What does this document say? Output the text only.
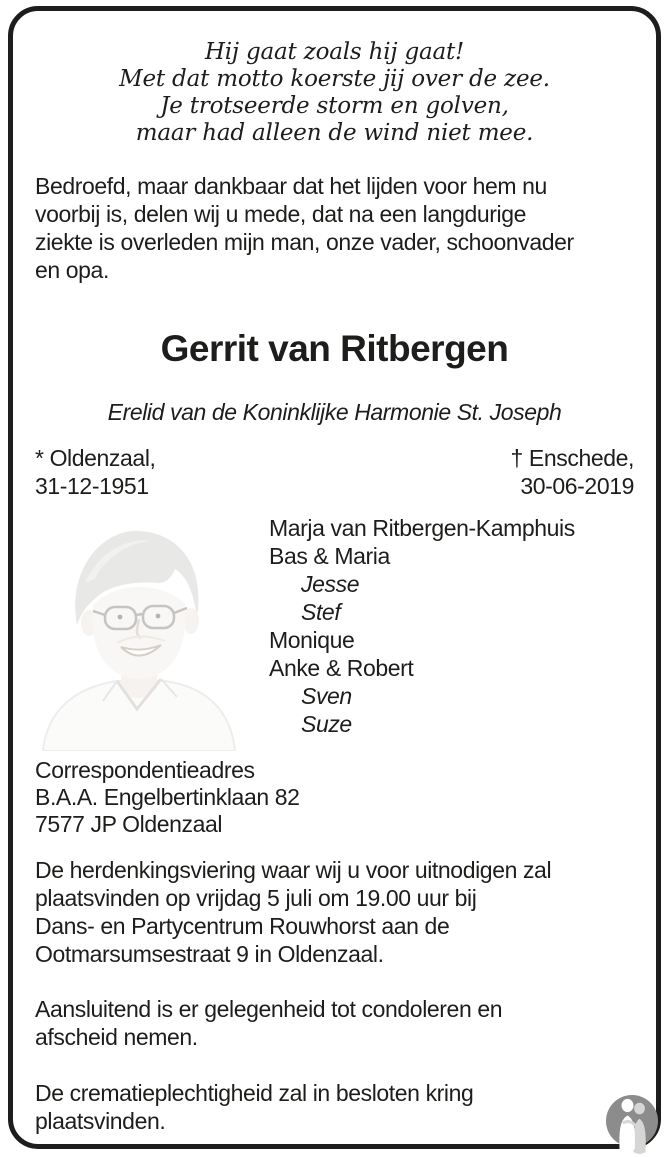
Hij gaat zoals hij gaat!
Met dat motto koerste jij over de zee.
Je trotseerde storm en golven,
maar had alleen de wind niet mee.
Bedroefd, maar dankbaar dat het lijden voor hem nu
voorbij is, delen wij u mede, dat na een langdurige
ziekte is overleden mijn man, onze vader, schoonvader
en opa.
Gerrit van Ritbergen
Erelid van de Koninklijke Harmonie St. Joseph
* Oldenzaal,
31-12-1951
† Enschede,
30-06-2019
Marja van Ritbergen-Kamphuis
Bas & Maria
Jesse
Stef
Monique
Anke & Robert
Sven
Suze
Correspondentieadres
B.A.A. Engelbertinklaan 82
7577 JP Oldenzaal
De herdenkingsviering waar wij u voor uitnodigen zal
plaatsvinden op vrijdag 5 juli om 19.00 uur bij
Dans- en Partycentrum Rouwhorst aan de
Ootmarsumsestraat 9 in Oldenzaal.
Aansluitend is er gelegenheid tot condoleren en
afscheid nemen.
De crematieplechtigheid zal in besloten kring
plaatsvinden.
